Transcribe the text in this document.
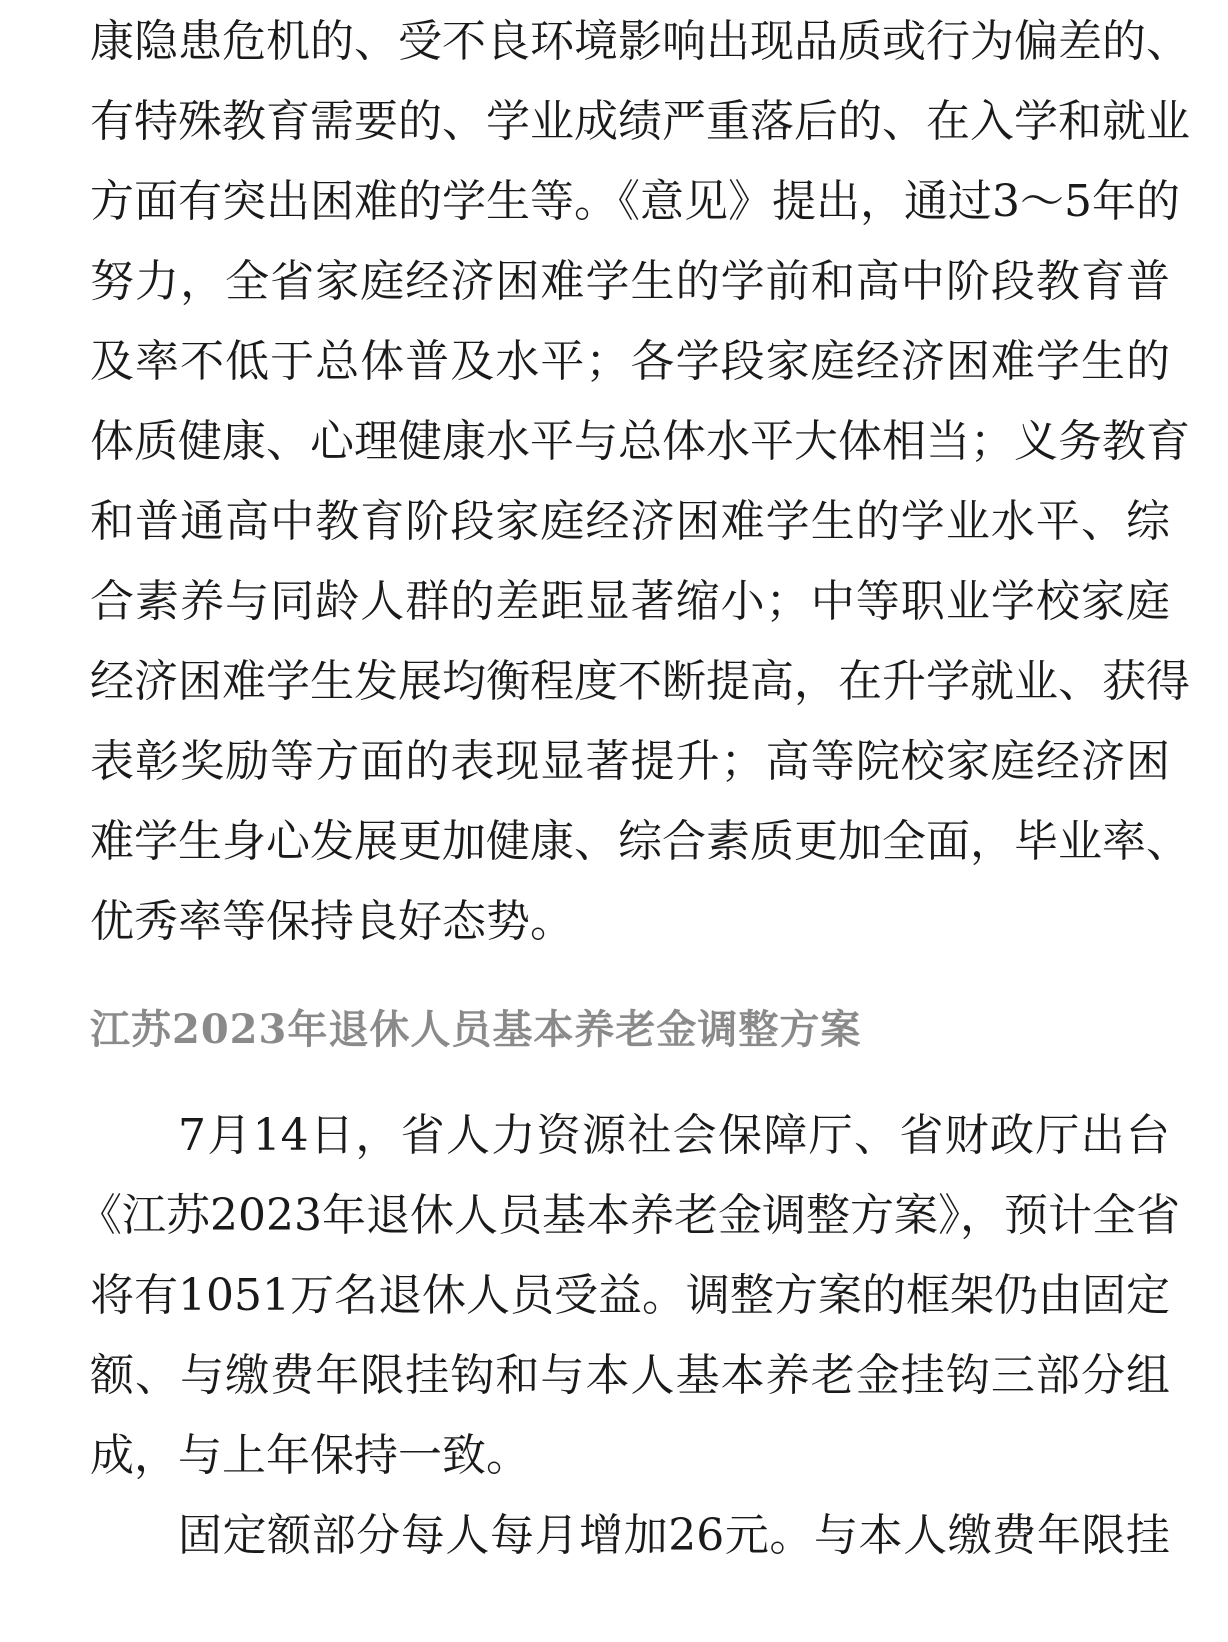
康隐患危机的、受不良环境影响出现品质或行为偏差的、
有特殊教育需要的、学业成绩严重落后的、在入学和就业
方面有突出困难的学生等。《意见》提出，通过3～5年的
努力，全省家庭经济困难学生的学前和高中阶段教育普
及率不低于总体普及水平；各学段家庭经济困难学生的
体质健康、心理健康水平与总体水平大体相当；义务教育
和普通高中教育阶段家庭经济困难学生的学业水平、综
合素养与同龄人群的差距显著缩小；中等职业学校家庭
经济困难学生发展均衡程度不断提高，在升学就业、获得
表彰奖励等方面的表现显著提升；高等院校家庭经济困
难学生身心发展更加健康、综合素质更加全面，毕业率、
优秀率等保持良好态势。
江苏2023年退休人员基本养老金调整方案
7月14日，省人力资源社会保障厅、省财政厅出台
《江苏2023年退休人员基本养老金调整方案》，预计全省
将有1051万名退休人员受益。调整方案的框架仍由固定
额、与缴费年限挂钩和与本人基本养老金挂钩三部分组
成，与上年保持一致。
固定额部分每人每月增加26元。与本人缴费年限挂
